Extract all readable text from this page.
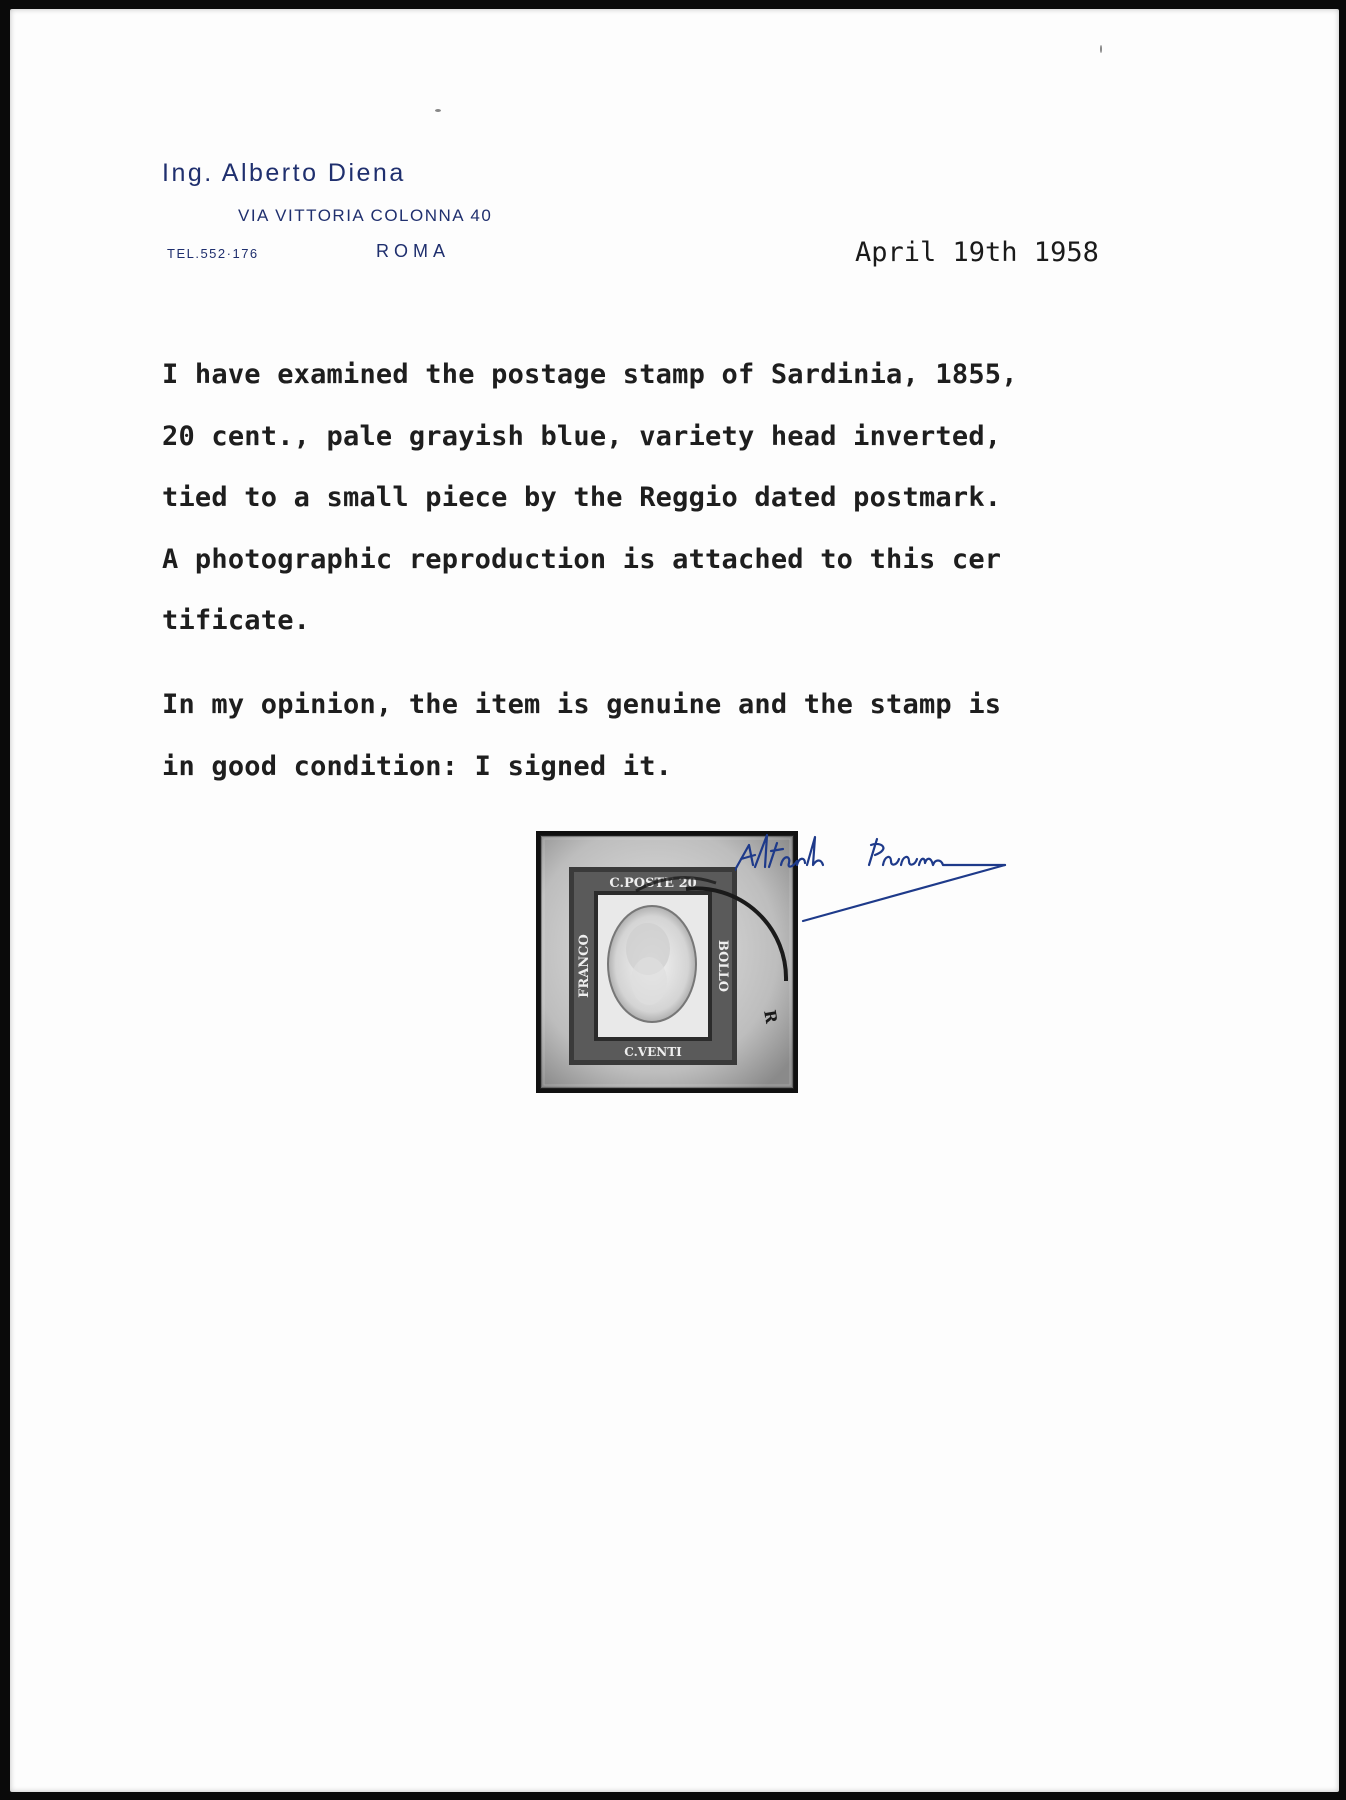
Ing. Alberto Diena
VIA VITTORIA COLONNA 40
TEL.552·176	ROMA	April 19th 1958
I have examined the postage stamp of Sardinia, 1855,
20 cent., pale grayish blue, variety head inverted,
tied to a small piece by the Reggio dated postmark.
A photographic reproduction is attached to this cer
tificate.
In my opinion, the item is genuine and the stamp is
in good condition: I signed it.
C.POSTE 20
C.VENTI
FRANCO	BOLLO
R
